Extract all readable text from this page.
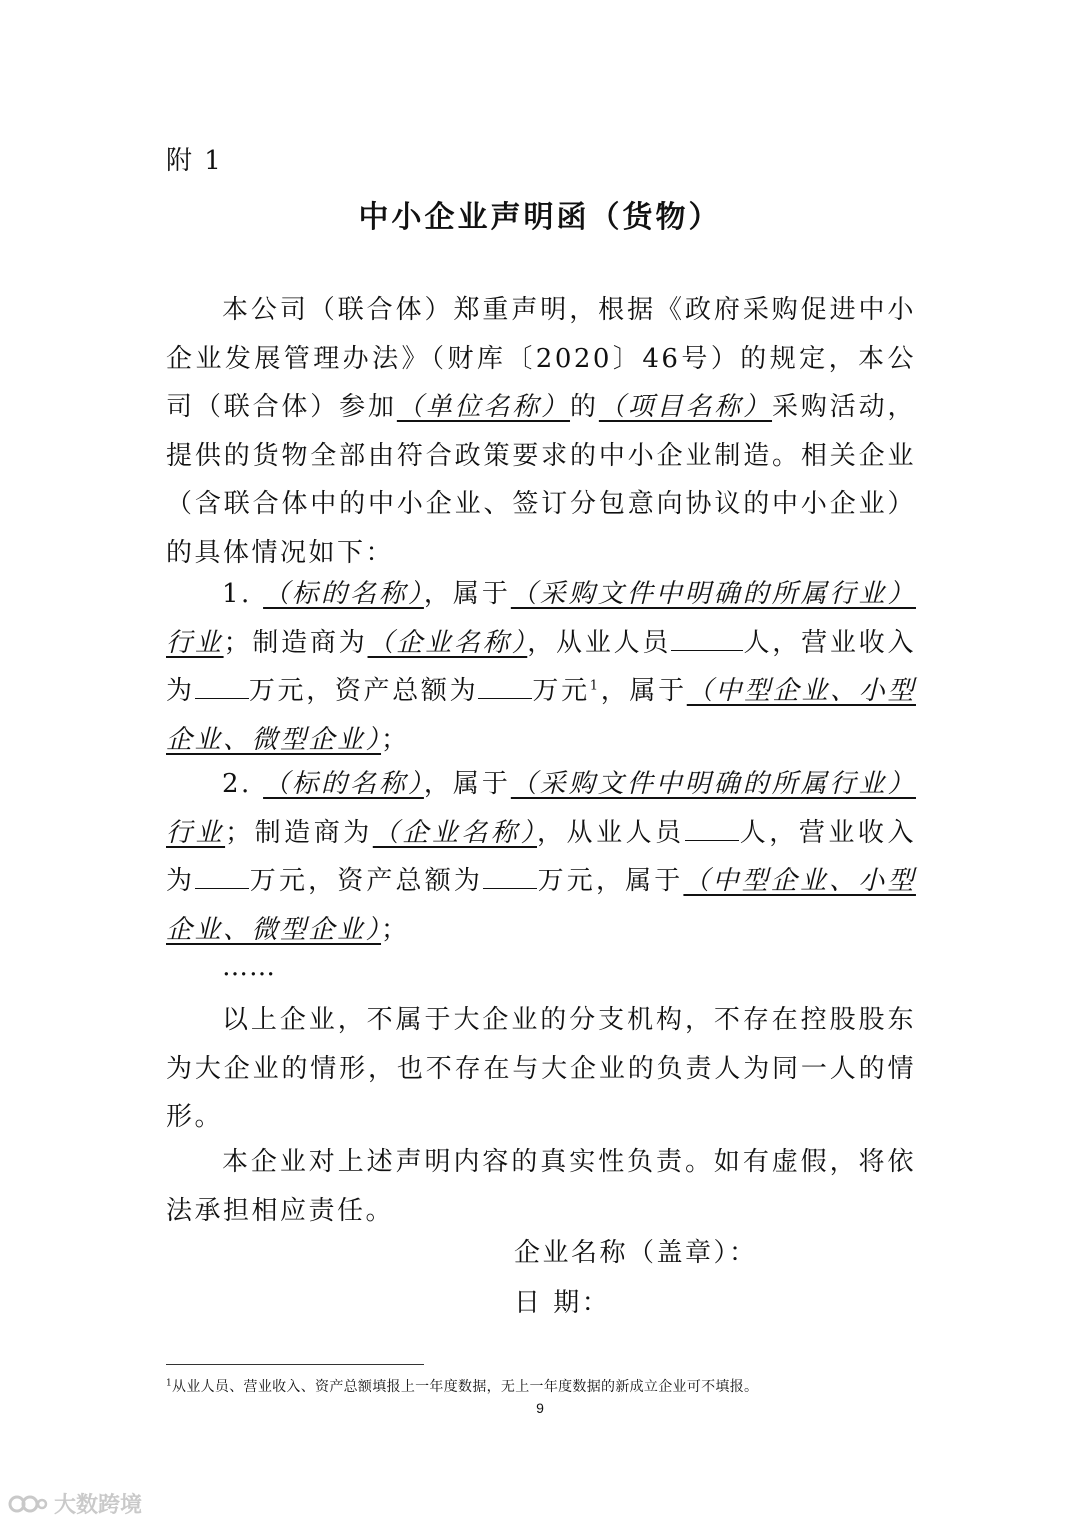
附 1
中小企业声明函（货物）
本公司（联合体）郑重声明，根据《政府采购促进中小企业发展管理办法》（财库〔2020〕46号）的规定，本公司（联合体）参加（单位名称）的（项目名称）采购活动，提供的货物全部由符合政策要求的中小企业制造。相关企业（含联合体中的中小企业、签订分包意向协议的中小企业）的具体情况如下：
1. （标的名称），属于（采购文件中明确的所属行业）行业；制造商为（企业名称），从业人员	人，营业收入为 万元，资产总额为 万元$^1$，属于（中型企业、小型企业、微型企业）；
2. （标的名称），属于（采购文件中明确的所属行业）行业；制造商为（企业名称），从业人员 人，营业收入为 万元，资产总额为 万元，属于（中型企业、小型企业、微型企业）；
……
以上企业，不属于大企业的分支机构，不存在控股股东为大企业的情形，也不存在与大企业的负责人为同一人的情形。
本企业对上述声明内容的真实性负责。如有虚假，将依法承担相应责任。
企业名称（盖章）：
日 期：
$^1$从业人员、营业收入、资产总额填报上一年度数据，无上一年度数据的新成立企业可不填报。
9
大数跨境
